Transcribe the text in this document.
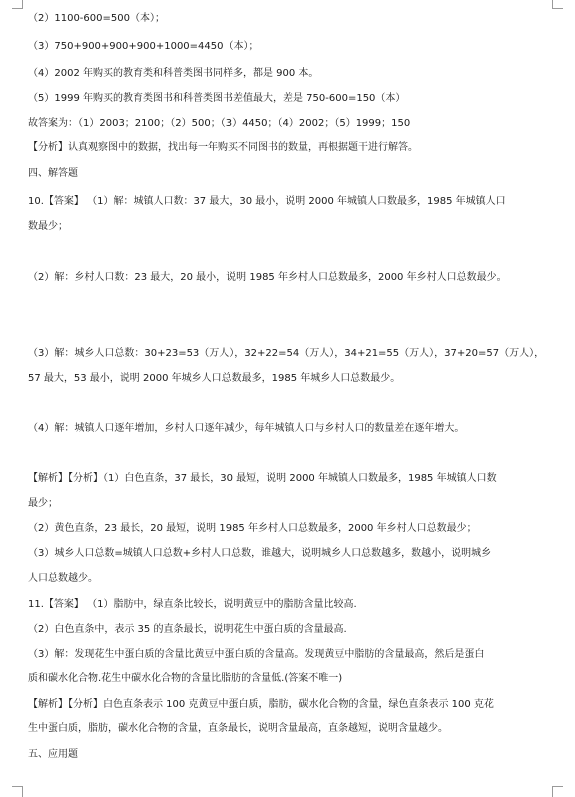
（2）1100-600=500（本）；
（3）750+900+900+900+1000=4450（本）；
（4）2002 年购买的教育类和科普类图书同样多，都是 900 本。
（5）1999 年购买的教育类图书和科普类图书差值最大，差是 750-600=150（本）
故答案为：（1）2003；2100；（2）500；（3）4450；（4）2002；（5）1999；150
【分析】认真观察图中的数据，找出每一年购买不同图书的数量，再根据题干进行解答。
四、解答题
10.【答案】 （1）解：城镇人口数：37 最大，30 最小，说明 2000 年城镇人口数最多，1985 年城镇人口
数最少；
（2）解：乡村人口数：23 最大，20 最小，说明 1985 年乡村人口总数最多，2000 年乡村人口总数最少。
（3）解：城乡人口总数：30+23=53（万人），32+22=54（万人），34+21=55（万人），37+20=57（万人），
57 最大，53 最小，说明 2000 年城乡人口总数最多，1985 年城乡人口总数最少。
（4）解：城镇人口逐年增加，乡村人口逐年减少，每年城镇人口与乡村人口的数量差在逐年增大。
【解析】【分析】（1）白色直条，37 最长，30 最短，说明 2000 年城镇人口数最多，1985 年城镇人口数
最少；
（2）黄色直条，23 最长，20 最短，说明 1985 年乡村人口总数最多，2000 年乡村人口总数最少；
（3）城乡人口总数=城镇人口总数+乡村人口总数，谁越大，说明城乡人口总数越多，数越小，说明城乡
人口总数越少。
11.【答案】 （1）脂肪中，绿直条比较长，说明黄豆中的脂肪含量比较高.
（2）白色直条中，表示 35 的直条最长，说明花生中蛋白质的含量最高.
（3）解：发现花生中蛋白质的含量比黄豆中蛋白质的含量高。发现黄豆中脂肪的含量最高，然后是蛋白
质和碳水化合物.花生中碳水化合物的含量比脂肪的含量低.(答案不唯一)
【解析】【分析】白色直条表示 100 克黄豆中蛋白质，脂肪，碳水化合物的含量，绿色直条表示 100 克花
生中蛋白质，脂肪，碳水化合物的含量，直条最长，说明含量最高，直条越短，说明含量越少。
五、应用题
